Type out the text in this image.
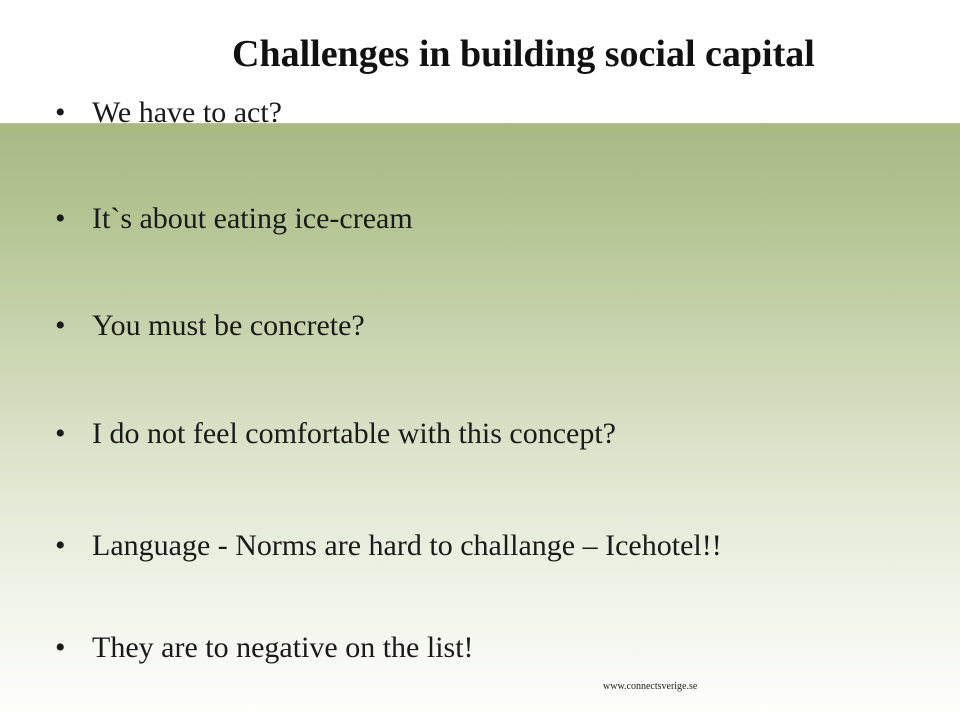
Challenges in building social capital
• We have to act?
• It`s about eating ice-cream
• You must be concrete?
• I do not feel comfortable with this concept?
• Language - Norms are hard to challange – Icehotel!!
• They are to negative on the list!
www.connectsverige.se
